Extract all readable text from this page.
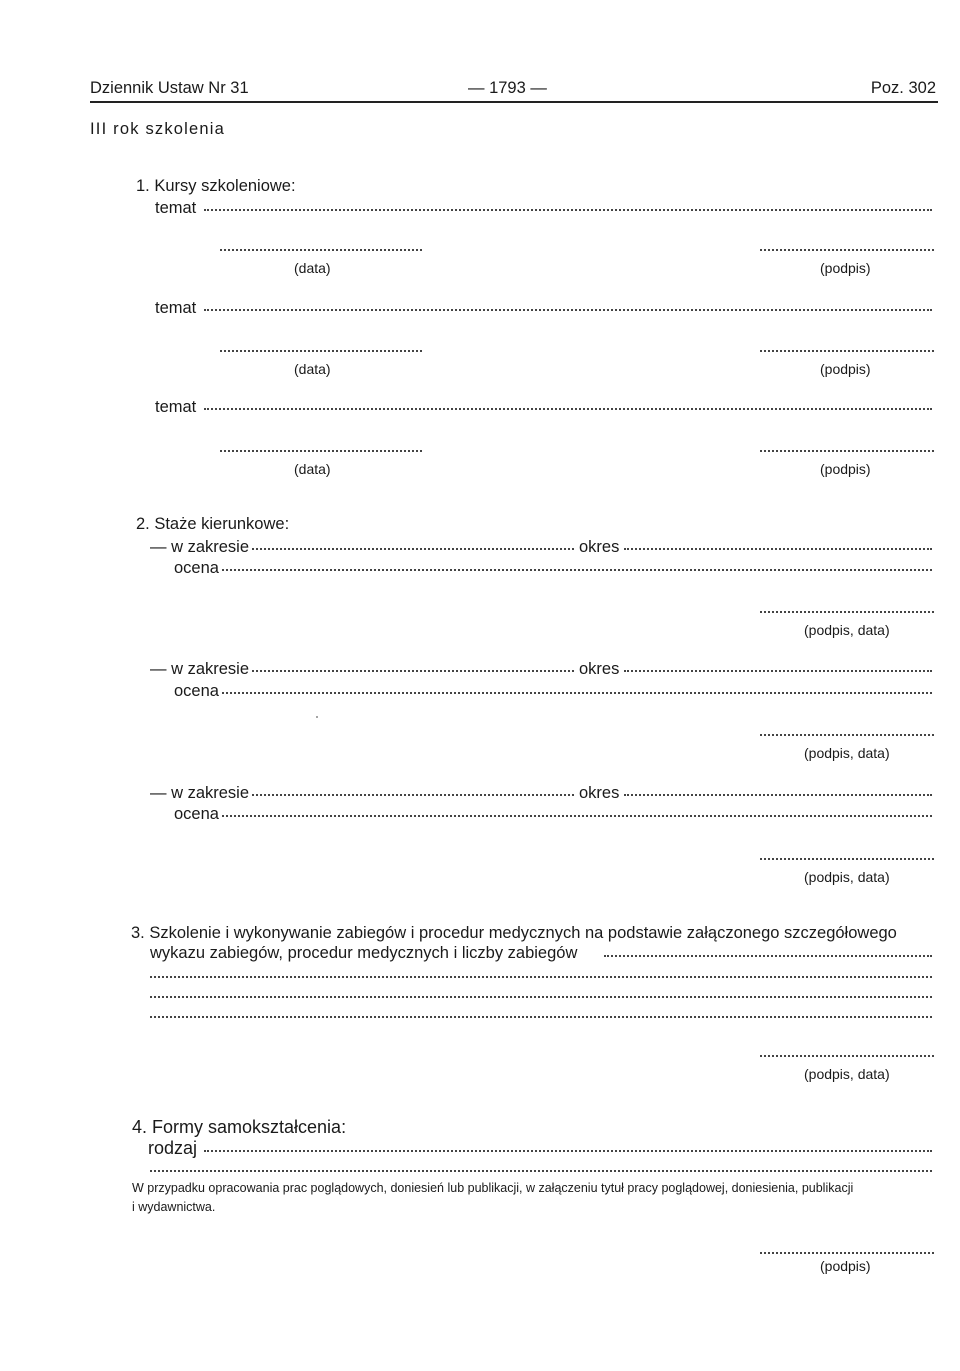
Dziennik Ustaw Nr 31	— 1793 —	Poz. 302
III rok szkolenia
1. Kursy szkoleniowe:
temat
(data)	(podpis)
temat
(data)	(podpis)
temat
(data)	(podpis)
2. Staże kierunkowe:
— w zakresie	okres
ocena
(podpis, data)
— w zakresie	okres
ocena
(podpis, data)
— w zakresie	okres
ocena
(podpis, data)
3. Szkolenie i wykonywanie zabiegów i procedur medycznych na podstawie załączonego szczegółowego
wykazu zabiegów, procedur medycznych i liczby zabiegów
(podpis, data)
4. Formy samokształcenia:
rodzaj
W przypadku opracowania prac poglądowych, doniesień lub publikacji, w załączeniu tytuł pracy poglądowej, doniesienia, publikacji
i wydawnictwa.
(podpis)
